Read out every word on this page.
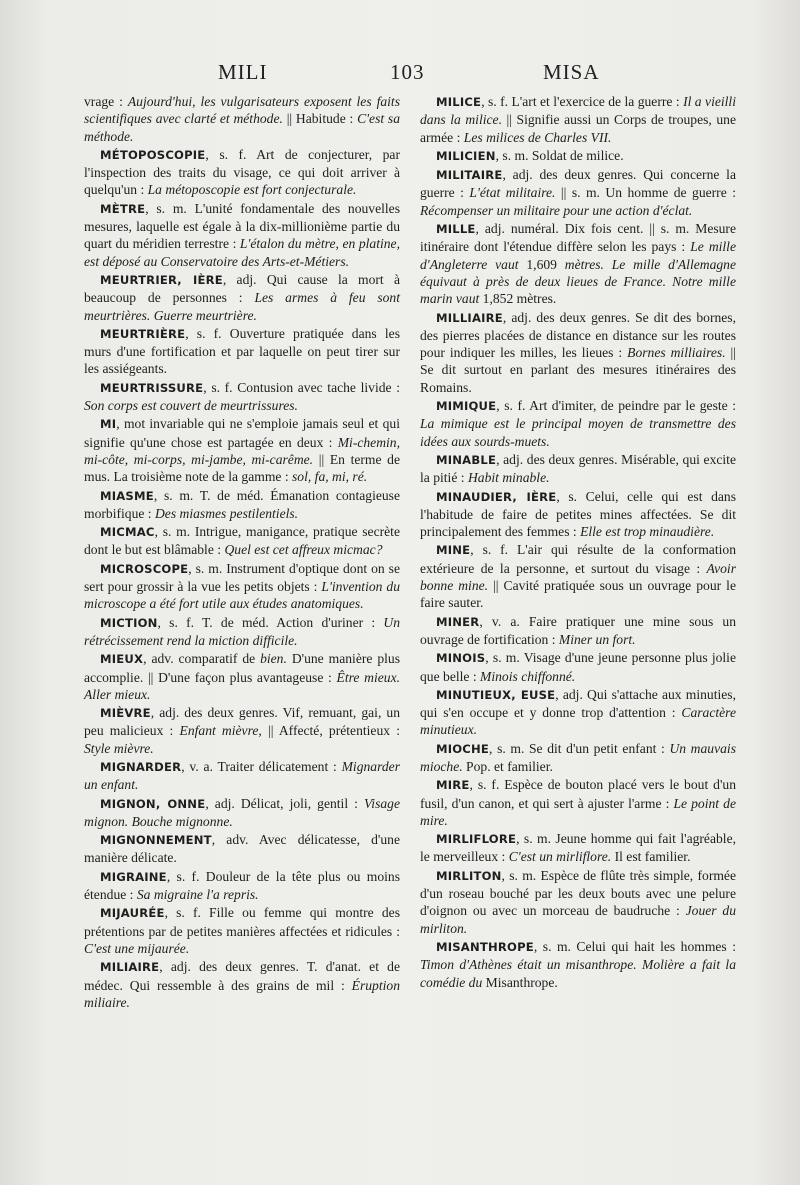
MILI	103	MISA

vrage : Aujourd'hui, les vulgarisateurs exposent les faits scientifiques avec clarté et méthode. || Habitude : C'est sa méthode.

MÉTOPOSCOPIE, s. f. Art de conjecturer, par l'inspection des traits du visage, ce qui doit arriver à quelqu'un : La métoposcopie est fort conjecturale.

MÈTRE, s. m. L'unité fondamentale des nouvelles mesures, laquelle est égale à la dix-millionième partie du quart du méridien terrestre : L'étalon du mètre, en platine, est déposé au Conservatoire des Arts-et-Métiers.

MEURTRIER, IÈRE, adj. Qui cause la mort à beaucoup de personnes : Les armes à feu sont meurtrières. Guerre meurtrière.

MEURTRIÈRE, s. f. Ouverture pratiquée dans les murs d'une fortification et par laquelle on peut tirer sur les assiégeants.

MEURTRISSURE, s. f. Contusion avec tache livide : Son corps est couvert de meurtrissures.

MI, mot invariable qui ne s'emploie jamais seul et qui signifie qu'une chose est partagée en deux : Mi-chemin, mi-côte, mi-corps, mi-jambe, mi-carême. || En terme de mus. La troisième note de la gamme : sol, fa, mi, ré.

MIASME, s. m. T. de méd. Émanation contagieuse morbifique : Des miasmes pestilentiels.

MICMAC, s. m. Intrigue, manigance, pratique secrète dont le but est blâmable : Quel est cet affreux micmac?

MICROSCOPE, s. m. Instrument d'optique dont on se sert pour grossir à la vue les petits objets : L'invention du microscope a été fort utile aux études anatomiques.

MICTION, s. f. T. de méd. Action d'uriner : Un rétrécissement rend la miction difficile.

MIEUX, adv. comparatif de bien. D'une manière plus accomplie. || D'une façon plus avantageuse : Être mieux. Aller mieux.

MIÈVRE, adj. des deux genres. Vif, remuant, gai, un peu malicieux : Enfant mièvre, || Affecté, prétentieux : Style mièvre.

MIGNARDER, v. a. Traiter délicatement : Mignarder un enfant.

MIGNON, ONNE, adj. Délicat, joli, gentil : Visage mignon. Bouche mignonne.

MIGNONNEMENT, adv. Avec délicatesse, d'une manière délicate.

MIGRAINE, s. f. Douleur de la tête plus ou moins étendue : Sa migraine l'a repris.

MIJAURÉE, s. f. Fille ou femme qui montre des prétentions par de petites manières affectées et ridicules : C'est une mijaurée.

MILIAIRE, adj. des deux genres. T. d'anat. et de médec. Qui ressemble à des grains de mil : Éruption miliaire.

MILICE, s. f. L'art et l'exercice de la guerre : Il a vieilli dans la milice. || Signifie aussi un Corps de troupes, une armée : Les milices de Charles VII.

MILICIEN, s. m. Soldat de milice.

MILITAIRE, adj. des deux genres. Qui concerne la guerre : L'état militaire. || s. m. Un homme de guerre : Récompenser un militaire pour une action d'éclat.

MILLE, adj. numéral. Dix fois cent. || s. m. Mesure itinéraire dont l'étendue diffère selon les pays : Le mille d'Angleterre vaut 1,609 mètres. Le mille d'Allemagne équivaut à près de deux lieues de France. Notre mille marin vaut 1,852 mètres.

MILLIAIRE, adj. des deux genres. Se dit des bornes, des pierres placées de distance en distance sur les routes pour indiquer les milles, les lieues : Bornes milliaires. || Se dit surtout en parlant des mesures itinéraires des Romains.

MIMIQUE, s. f. Art d'imiter, de peindre par le geste : La mimique est le principal moyen de transmettre des idées aux sourds-muets.

MINABLE, adj. des deux genres. Misérable, qui excite la pitié : Habit minable.

MINAUDIER, IÈRE, s. Celui, celle qui est dans l'habitude de faire de petites mines affectées. Se dit principalement des femmes : Elle est trop minaudière.

MINE, s. f. L'air qui résulte de la conformation extérieure de la personne, et surtout du visage : Avoir bonne mine. || Cavité pratiquée sous un ouvrage pour le faire sauter.

MINER, v. a. Faire pratiquer une mine sous un ouvrage de fortification : Miner un fort.

MINOIS, s. m. Visage d'une jeune personne plus jolie que belle : Minois chiffonné.

MINUTIEUX, EUSE, adj. Qui s'attache aux minuties, qui s'en occupe et y donne trop d'attention : Caractère minutieux.

MIOCHE, s. m. Se dit d'un petit enfant : Un mauvais mioche. Pop. et familier.

MIRE, s. f. Espèce de bouton placé vers le bout d'un fusil, d'un canon, et qui sert à ajuster l'arme : Le point de mire.

MIRLIFLORE, s. m. Jeune homme qui fait l'agréable, le merveilleux : C'est un mirliflore. Il est familier.

MIRLITON, s. m. Espèce de flûte très simple, formée d'un roseau bouché par les deux bouts avec une pelure d'oignon ou avec un morceau de baudruche : Jouer du mirliton.

MISANTHROPE, s. m. Celui qui hait les hommes : Timon d'Athènes était un misanthrope. Molière a fait la comédie du Misanthrope.
